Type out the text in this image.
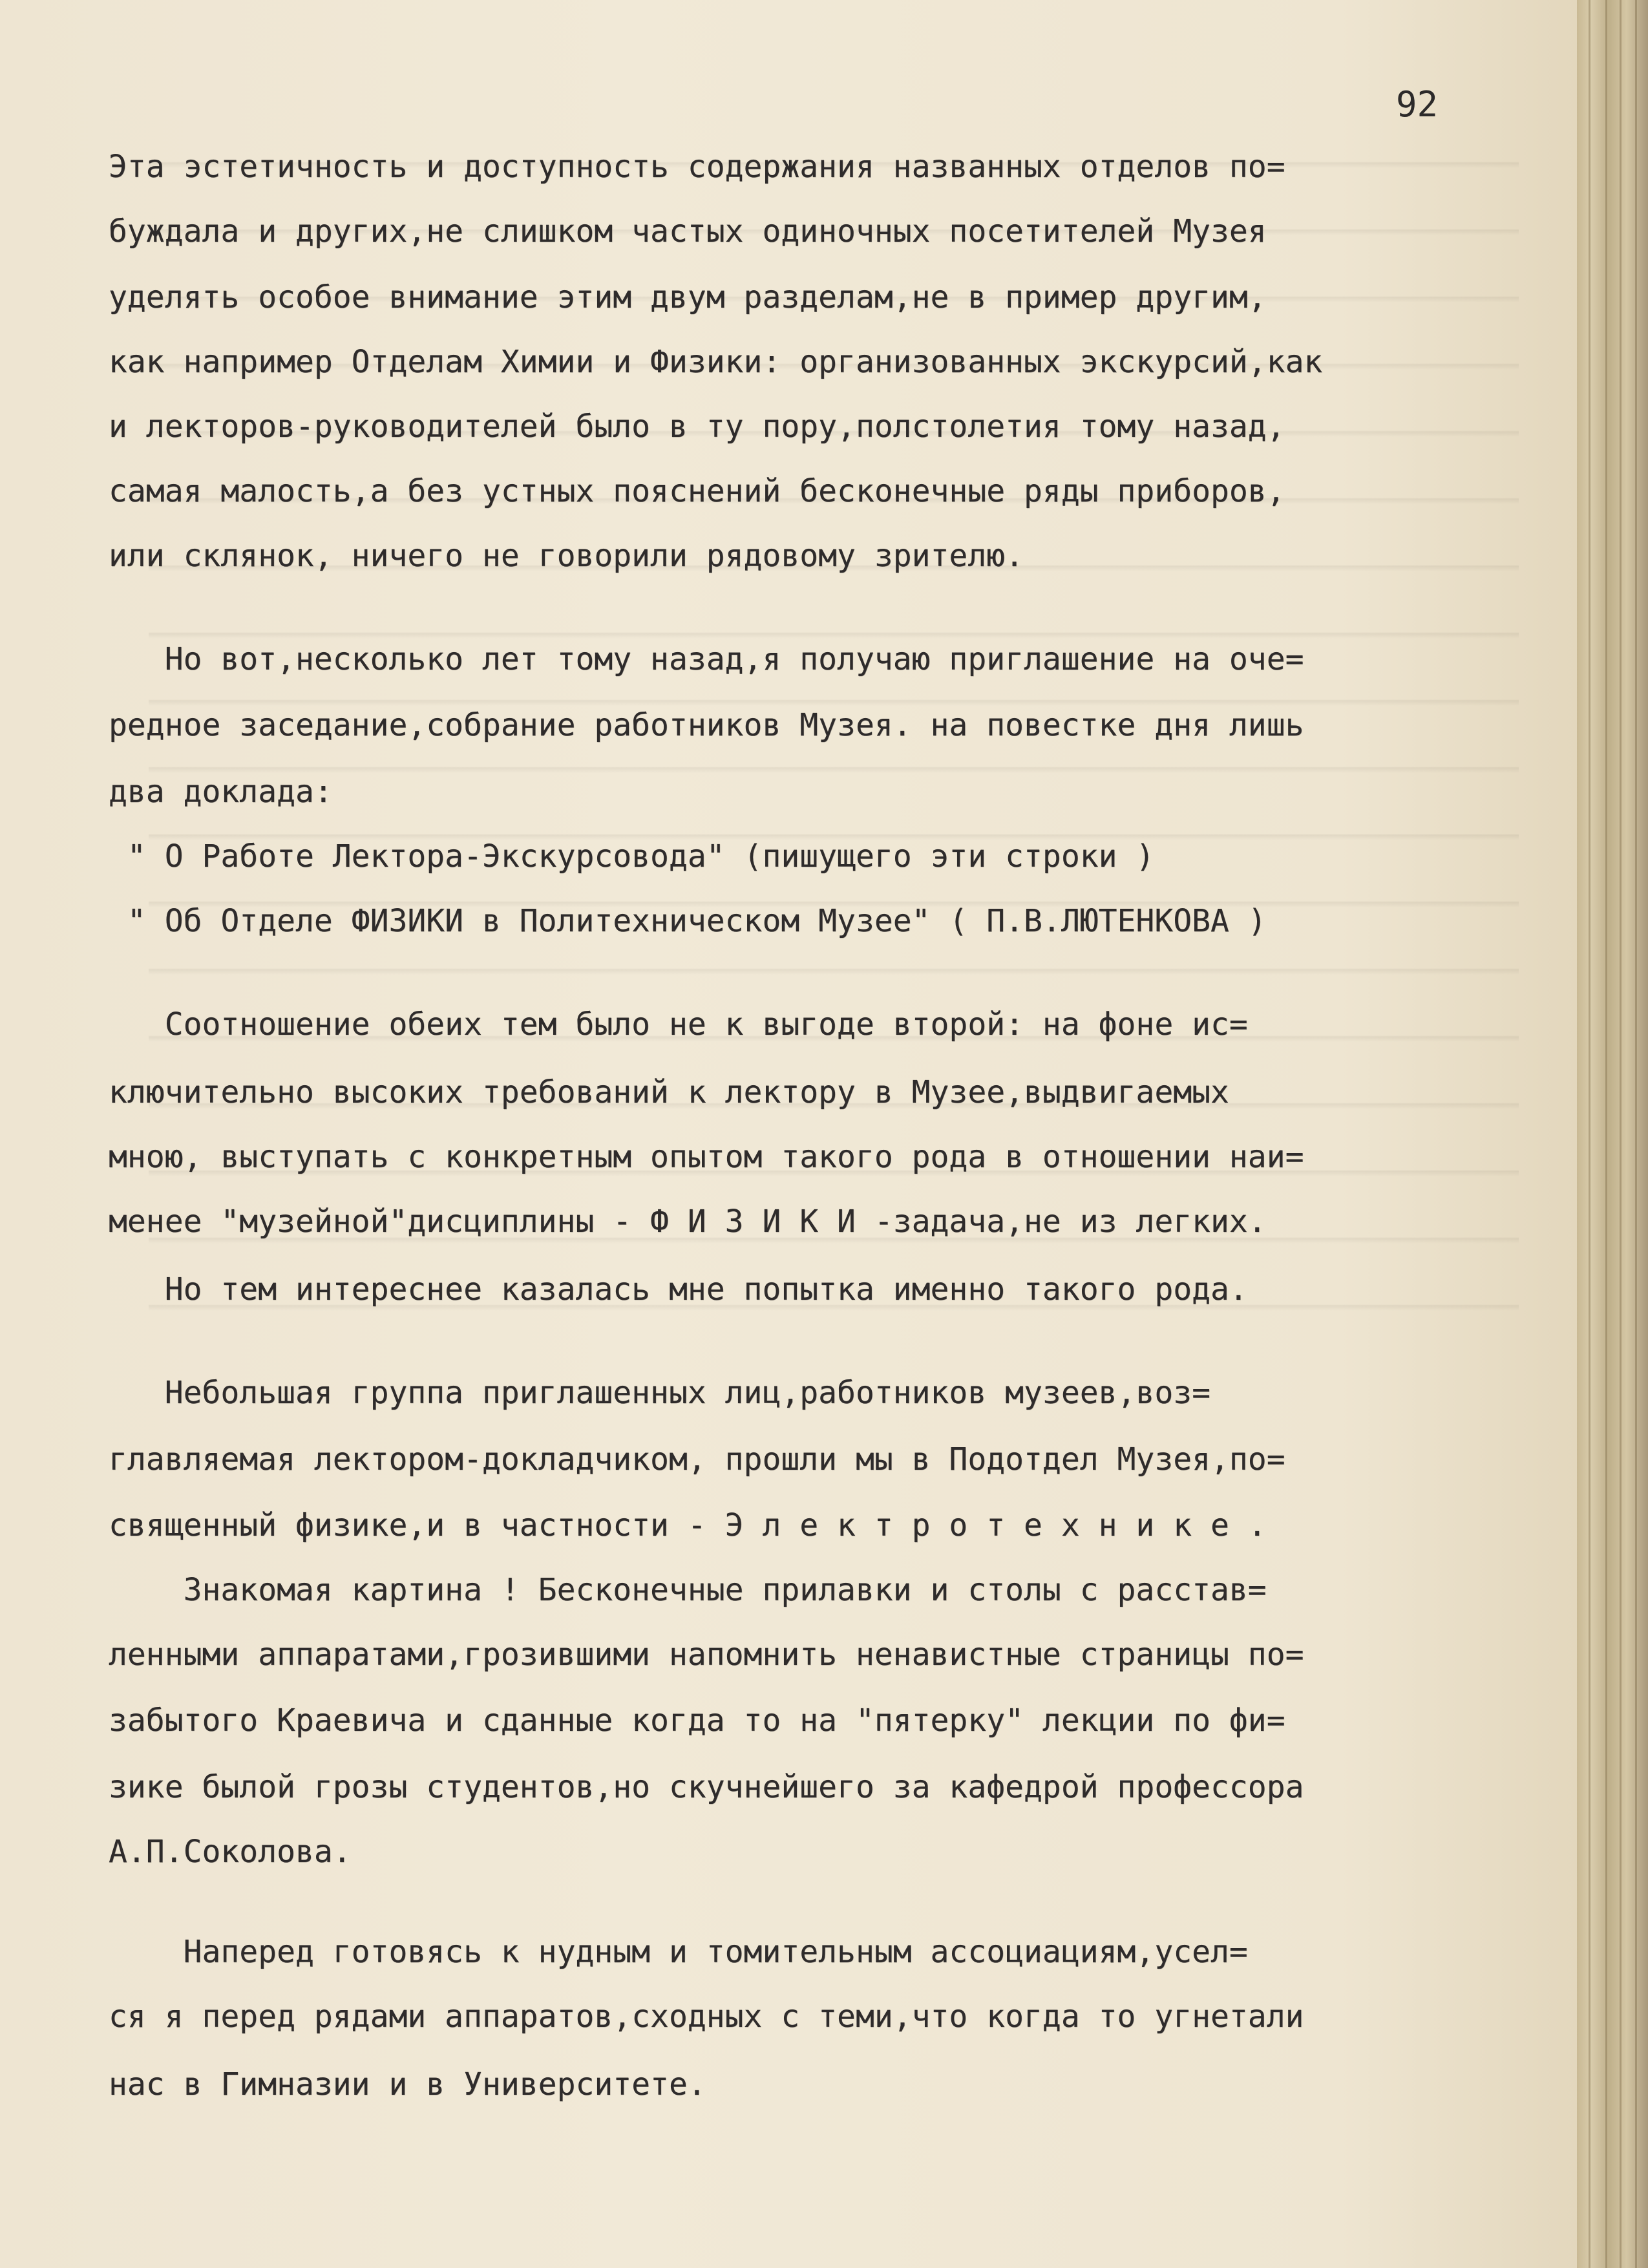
92
Эта эстетичность и доступность содержания названных отделов по=
буждала и других,не слишком частых одиночных посетителей Музея
уделять особое внимание этим двум разделам,не в пример другим,
как например Отделам Химии и Физики: организованных экскурсий,как
и лекторов-руководителей было в ту пору,полстолетия тому назад,
самая малость,а без устных пояснений бесконечные ряды приборов,
или склянок, ничего не говорили рядовому зрителю.
Но вот,несколько лет тому назад,я получаю приглашение на оче=
редное заседание,собрание работников Музея. на повестке дня лишь
два доклада:
" О Работе Лектора-Экскурсовода" (пишущего эти строки )
" Об Отделе ФИЗИКИ в Политехническом Музее" ( П.В.ЛЮТЕНКОВА )
Соотношение обеих тем было не к выгоде второй: на фоне ис=
ключительно высоких требований к лектору в Музее,выдвигаемых
мною, выступать с конкретным опытом такого рода в отношении наи=
менее "музейной"дисциплины - Ф И З И К И -задача,не из легких.
Но тем интереснее казалась мне попытка именно такого рода.
Небольшая группа приглашенных лиц,работников музеев,воз=
главляемая лектором-докладчиком, прошли мы в Подотдел Музея,по=
священный физике,и в частности - Э л е к т р о т е х н и к е .
Знакомая картина ! Бесконечные прилавки и столы с расстав=
ленными аппаратами,грозившими напомнить ненавистные страницы по=
забытого Краевича и сданные когда то на "пятерку" лекции по фи=
зике былой грозы студентов,но скучнейшего за кафедрой профессора
А.П.Соколова.
Наперед готовясь к нудным и томительным ассоциациям,усел=
ся я перед рядами аппаратов,сходных с теми,что когда то угнетали
нас в Гимназии и в Университете.
